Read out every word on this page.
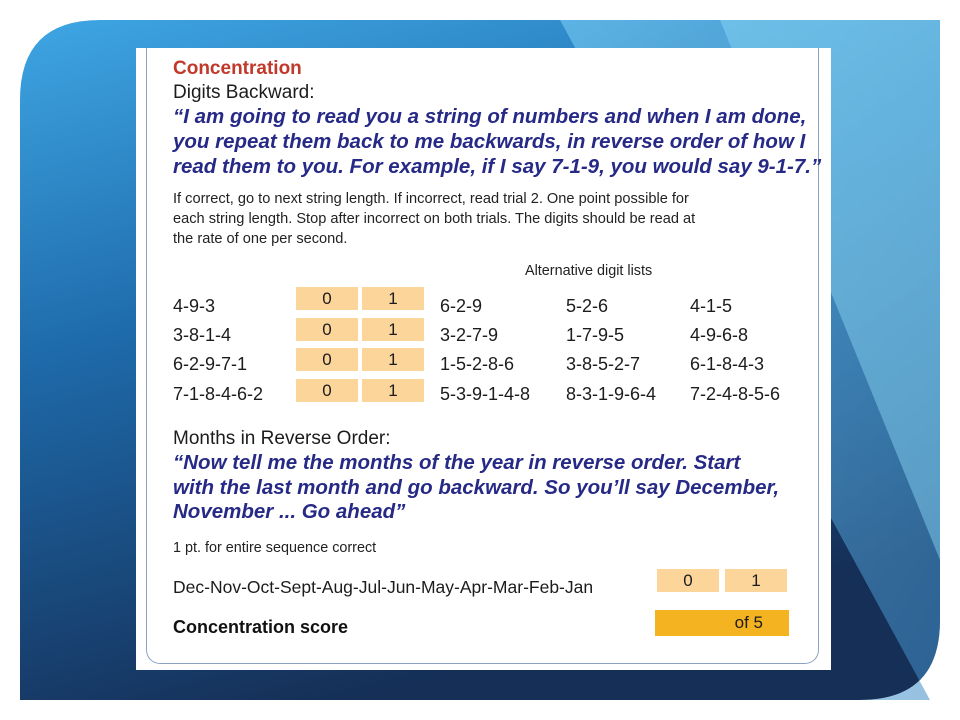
Concentration
Digits Backward:
“I am going to read you a string of numbers and when I am done,
you repeat them back to me backwards, in reverse order of how I
read them to you. For example, if I say 7-1-9, you would say 9-1-7.”
If correct, go to next string length. If incorrect, read trial 2. One point possible for
each string length. Stop after incorrect on both trials. The digits should be read at
the rate of one per second.
Alternative digit lists
4-9-3	0	1	6-2-9	5-2-6	4-1-5
3-8-1-4	0	1	3-2-7-9	1-7-9-5	4-9-6-8
6-2-9-7-1	0	1	1-5-2-8-6	3-8-5-2-7	6-1-8-4-3
7-1-8-4-6-2	0	1	5-3-9-1-4-8 8-3-1-9-6-4 7-2-4-8-5-6
Months in Reverse Order:
“Now tell me the months of the year in reverse order. Start
with the last month and go backward. So you’ll say December,
November ... Go ahead”
1 pt. for entire sequence correct
Dec-Nov-Oct-Sept-Aug-Jul-Jun-May-Apr-Mar-Feb-Jan	0	1
Concentration score	of 5
